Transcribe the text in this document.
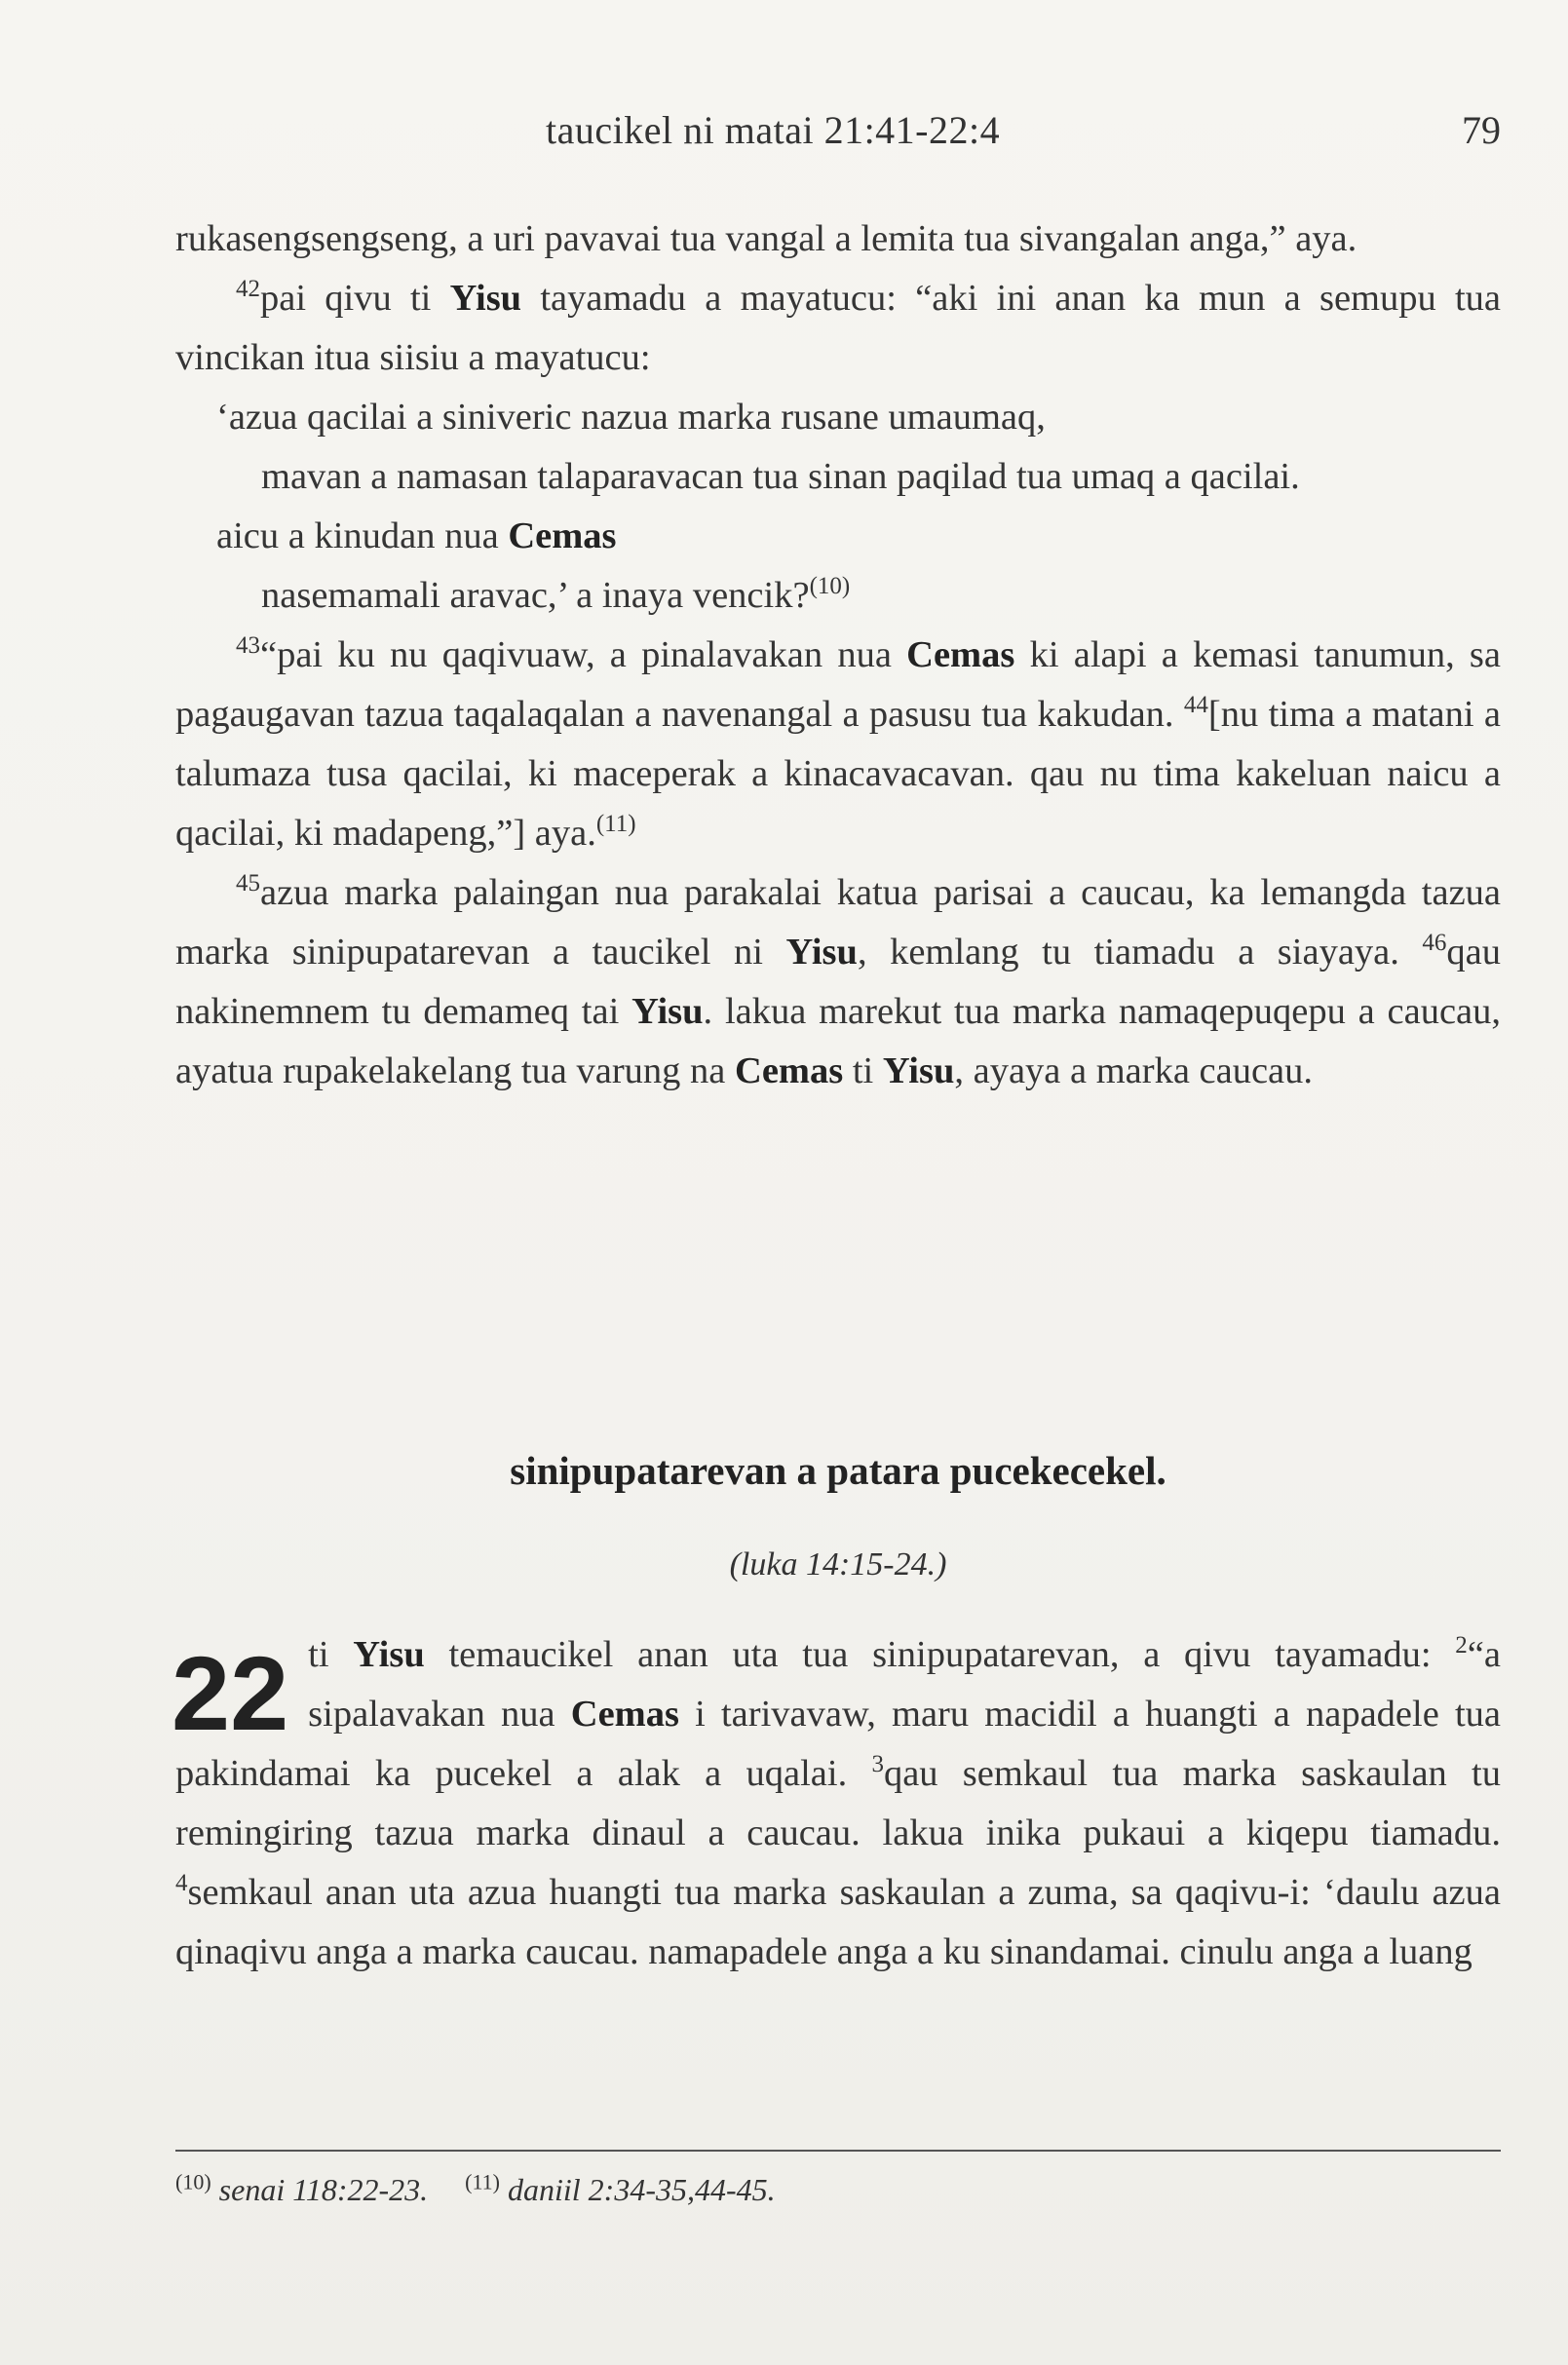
taucikel ni matai 21:41-22:4	79

rukasengsengseng, a uri pavavai tua vangal a lemita tua sivangalan anga,” aya.

$^{42}$pai qivu ti Yisu tayamadu a mayatucu: “aki ini anan ka mun a semupu tua vincikan itua siisiu a mayatucu:

‘azua qacilai a siniveric nazua marka rusane umaumaq,

mavan a namasan talaparavacan tua sinan paqilad tua umaq a qacilai.

aicu a kinudan nua Cemas

nasemamali aravac,’ a inaya vencik?$^{(10)}$

$^{43}$“pai ku nu qaqivuaw, a pinalavakan nua Cemas ki alapi a kemasi tanumun, sa pagaugavan tazua taqalaqalan a navenangal a pasusu tua kakudan. $^{44}$[nu tima a matani a talumaza tusa qacilai, ki maceperak a kinacavacavan. qau nu tima kakeluan naicu a qacilai, ki madapeng,”] aya.$^{(11)}$

$^{45}$azua marka palaingan nua parakalai katua parisai a caucau, ka lemangda tazua marka sinipupatarevan a taucikel ni Yisu, kemlang tu tiamadu a siayaya. $^{46}$qau nakinemnem tu demameq tai Yisu. lakua marekut tua marka namaqepuqepu a caucau, ayatua rupakelakelang tua varung na Cemas ti Yisu, ayaya a marka caucau.

sinipupatarevan a patara pucekecekel.
(luka 14:15-24.)
22 ti Yisu temaucikel anan uta tua sinipupatarevan, a qivu tayamadu: $^2$“a sipalavakan nua Cemas i tarivavaw, maru macidil a huangti a napadele tua pakindamai ka pucekel a alak a uqalai. $^3$qau semkaul tua marka saskaulan tu remingiring tazua marka dinaul a caucau. lakua inika pukaui a kiqepu tiamadu. $^4$semkaul anan uta azua huangti tua marka saskaulan a zuma, sa qaqivu-i: ‘daulu azua qinaqivu anga a marka caucau. namapadele anga a ku sinandamai. cinulu anga a luang

$^{(10)}$ senai 118:22-23. $^{(11)}$ daniil 2:34-35,44-45.
